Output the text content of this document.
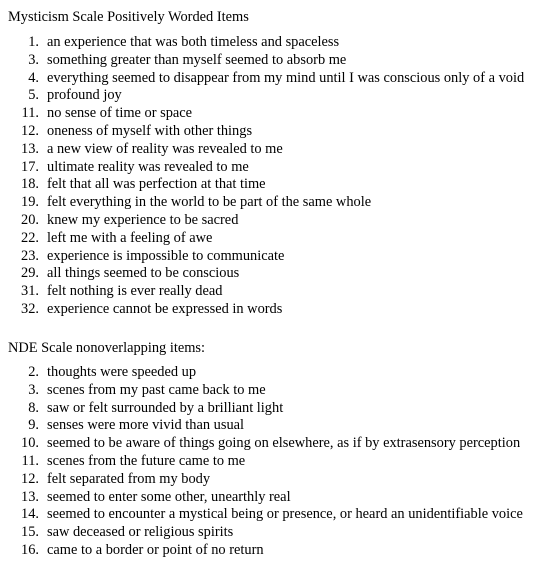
Mysticism Scale Positively Worded Items
1. an experience that was both timeless and spaceless
3. something greater than myself seemed to absorb me
4. everything seemed to disappear from my mind until I was conscious only of a void
5. profound joy
11. no sense of time or space
12. oneness of myself with other things
13. a new view of reality was revealed to me
17. ultimate reality was revealed to me
18. felt that all was perfection at that time
19. felt everything in the world to be part of the same whole
20. knew my experience to be sacred
22. left me with a feeling of awe
23. experience is impossible to communicate
29. all things seemed to be conscious
31. felt nothing is ever really dead
32. experience cannot be expressed in words
NDE Scale nonoverlapping items:
2. thoughts were speeded up
3. scenes from my past came back to me
8. saw or felt surrounded by a brilliant light
9. senses were more vivid than usual
10. seemed to be aware of things going on elsewhere, as if by extrasensory perception
11. scenes from the future came to me
12. felt separated from my body
13. seemed to enter some other, unearthly real
14. seemed to encounter a mystical being or presence, or heard an unidentifiable voice
15. saw deceased or religious spirits
16. came to a border or point of no return
